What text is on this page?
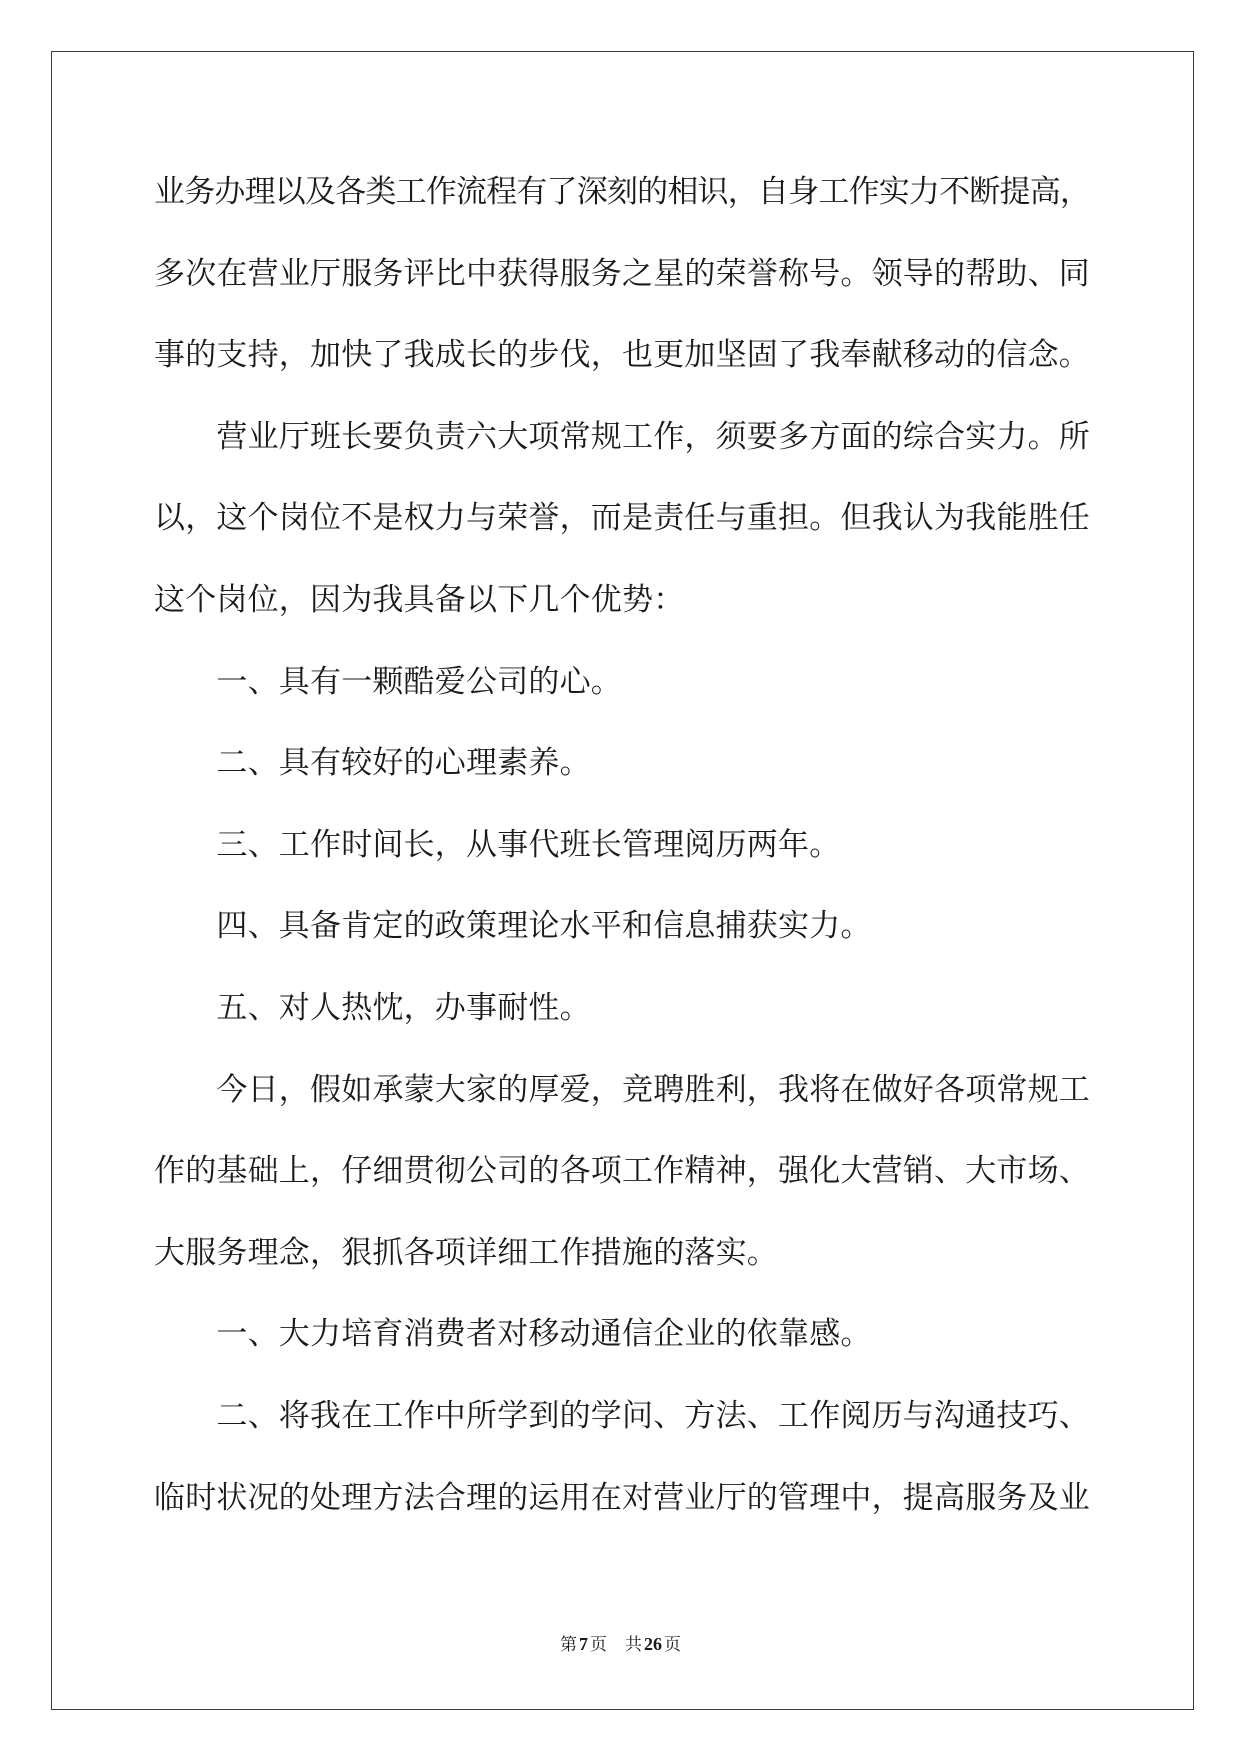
业务办理以及各类工作流程有了深刻的相识，自身工作实力不断提高，
多次在营业厅服务评比中获得服务之星的荣誉称号。领导的帮助、同
事的支持，加快了我成长的步伐，也更加坚固了我奉献移动的信念。
营业厅班长要负责六大项常规工作，须要多方面的综合实力。所
以，这个岗位不是权力与荣誉，而是责任与重担。但我认为我能胜任
这个岗位，因为我具备以下几个优势：
一、具有一颗酷爱公司的心。
二、具有较好的心理素养。
三、工作时间长，从事代班长管理阅历两年。
四、具备肯定的政策理论水平和信息捕获实力。
五、对人热忱，办事耐性。
今日，假如承蒙大家的厚爱，竞聘胜利，我将在做好各项常规工
作的基础上，仔细贯彻公司的各项工作精神，强化大营销、大市场、
大服务理念，狠抓各项详细工作措施的落实。
一、大力培育消费者对移动通信企业的依靠感。
二、将我在工作中所学到的学问、方法、工作阅历与沟通技巧、
临时状况的处理方法合理的运用在对营业厅的管理中，提高服务及业
第 7 页 共 26 页
